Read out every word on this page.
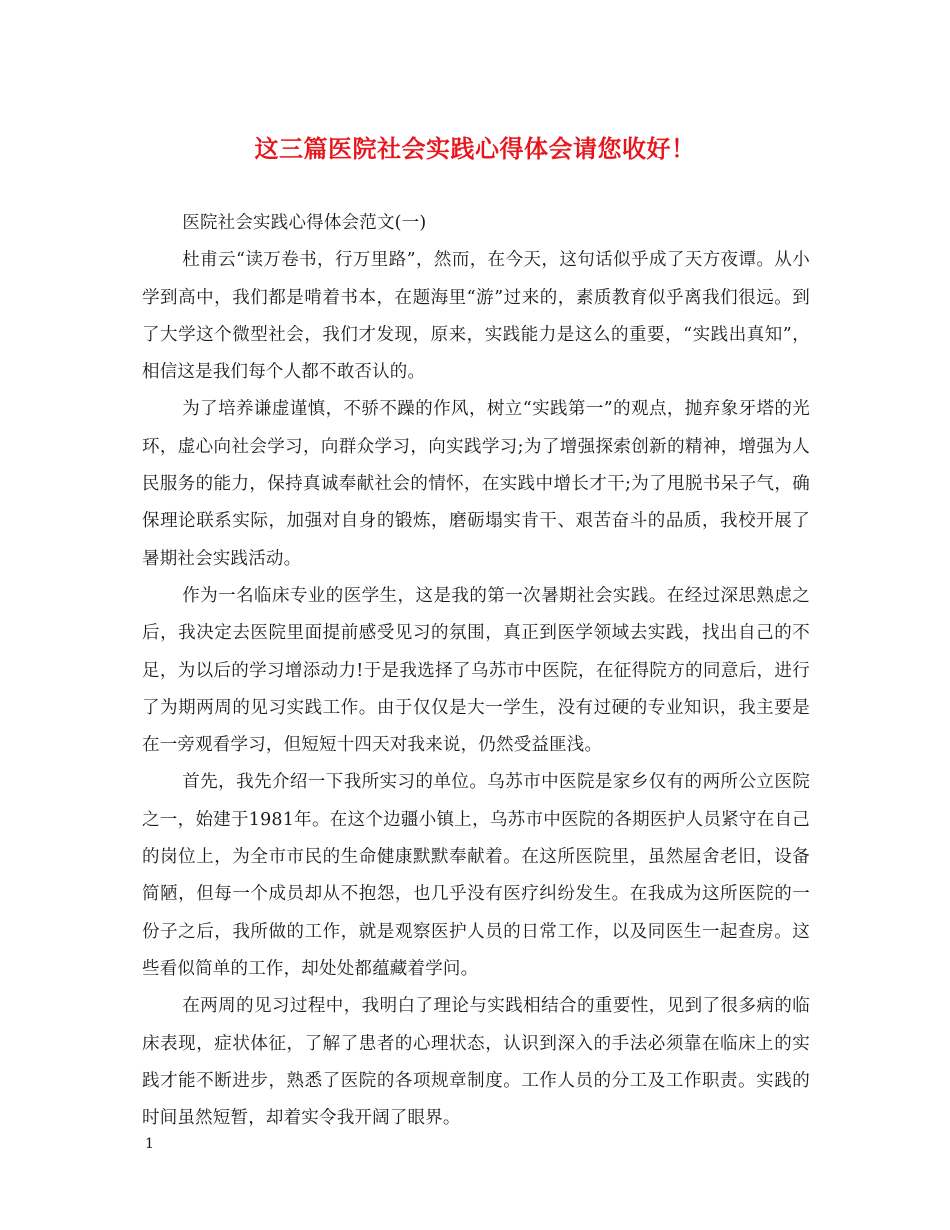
这三篇医院社会实践心得体会请您收好！

医院社会实践心得体会范文(一)

杜甫云“读万卷书，行万里路”，然而，在今天，这句话似乎成了天方夜谭。从小学到高中，我们都是啃着书本，在题海里“游”过来的，素质教育似乎离我们很远。到了大学这个微型社会，我们才发现，原来，实践能力是这么的重要，“实践出真知”，相信这是我们每个人都不敢否认的。

为了培养谦虚谨慎，不骄不躁的作风，树立“实践第一”的观点，抛弃象牙塔的光环，虚心向社会学习，向群众学习，向实践学习;为了增强探索创新的精神，增强为人民服务的能力，保持真诚奉献社会的情怀，在实践中增长才干;为了甩脱书呆子气，确保理论联系实际，加强对自身的锻炼，磨砺塌实肯干、艰苦奋斗的品质，我校开展了暑期社会实践活动。

作为一名临床专业的医学生，这是我的第一次暑期社会实践。在经过深思熟虑之后，我决定去医院里面提前感受见习的氛围，真正到医学领域去实践，找出自己的不足，为以后的学习增添动力!于是我选择了乌苏市中医院，在征得院方的同意后，进行了为期两周的见习实践工作。由于仅仅是大一学生，没有过硬的专业知识，我主要是在一旁观看学习，但短短十四天对我来说，仍然受益匪浅。

首先，我先介绍一下我所实习的单位。乌苏市中医院是家乡仅有的两所公立医院之一，始建于1981年。在这个边疆小镇上，乌苏市中医院的各期医护人员紧守在自己的岗位上，为全市市民的生命健康默默奉献着。在这所医院里，虽然屋舍老旧，设备简陋，但每一个成员却从不抱怨，也几乎没有医疗纠纷发生。在我成为这所医院的一份子之后，我所做的工作，就是观察医护人员的日常工作，以及同医生一起查房。这些看似简单的工作，却处处都蕴藏着学问。

在两周的见习过程中，我明白了理论与实践相结合的重要性，见到了很多病的临床表现，症状体征，了解了患者的心理状态，认识到深入的手法必须靠在临床上的实践才能不断进步，熟悉了医院的各项规章制度。工作人员的分工及工作职责。实践的时间虽然短暂，却着实令我开阔了眼界。

1
